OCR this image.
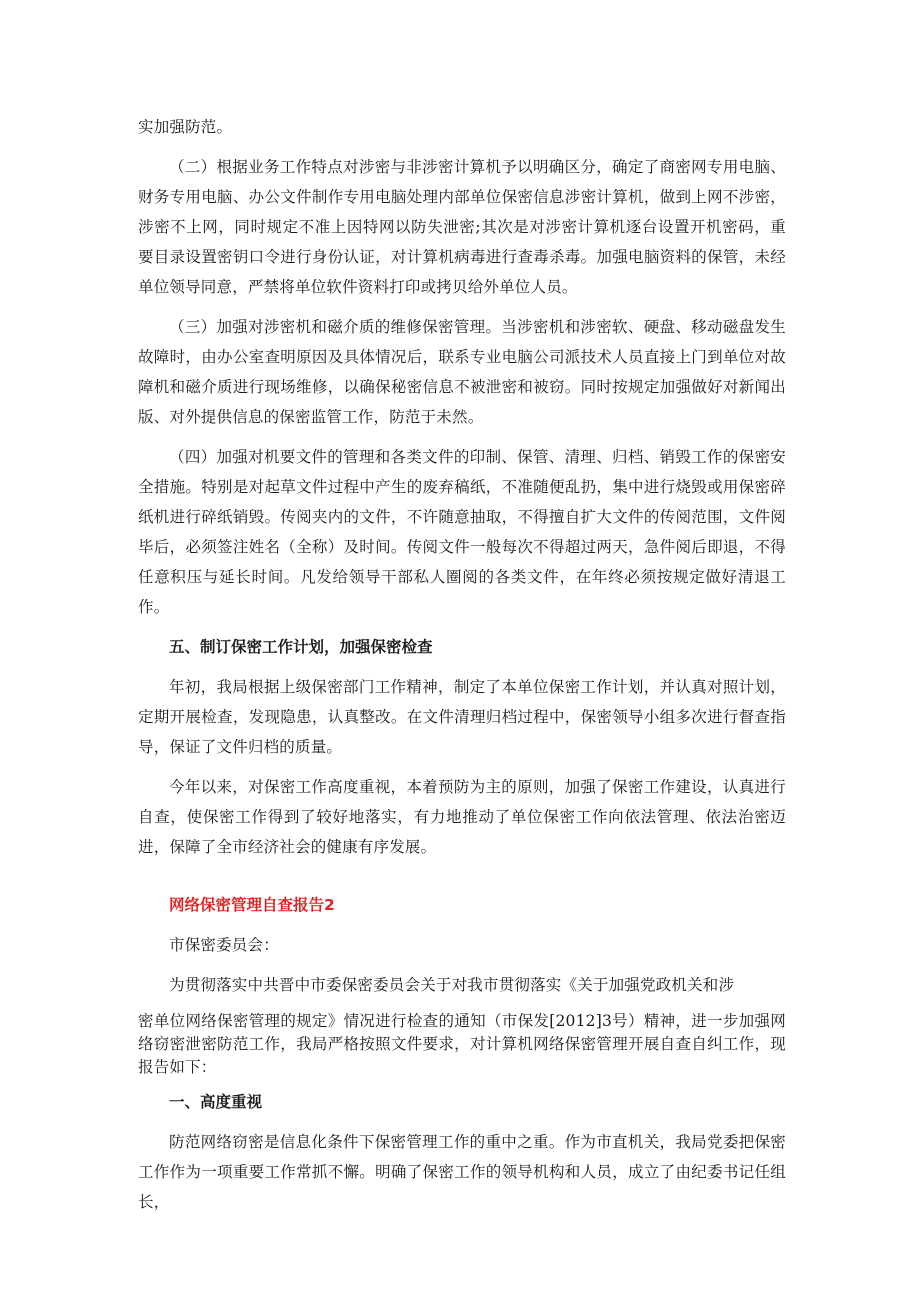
实加强防范。

（二）根据业务工作特点对涉密与非涉密计算机予以明确区分，确定了商密网专用电脑、财务专用电脑、办公文件制作专用电脑处理内部单位保密信息涉密计算机，做到上网不涉密，涉密不上网，同时规定不准上因特网以防失泄密;其次是对涉密计算机逐台设置开机密码，重要目录设置密钥口令进行身份认证，对计算机病毒进行查毒杀毒。加强电脑资料的保管，未经单位领导同意，严禁将单位软件资料打印或拷贝给外单位人员。

（三）加强对涉密机和磁介质的维修保密管理。当涉密机和涉密软、硬盘、移动磁盘发生故障时，由办公室查明原因及具体情况后，联系专业电脑公司派技术人员直接上门到单位对故障机和磁介质进行现场维修，以确保秘密信息不被泄密和被窃。同时按规定加强做好对新闻出版、对外提供信息的保密监管工作，防范于未然。

（四）加强对机要文件的管理和各类文件的印制、保管、清理、归档、销毁工作的保密安全措施。特别是对起草文件过程中产生的废弃稿纸，不准随便乱扔，集中进行烧毁或用保密碎纸机进行碎纸销毁。传阅夹内的文件，不许随意抽取，不得擅自扩大文件的传阅范围，文件阅毕后，必须签注姓名（全称）及时间。传阅文件一般每次不得超过两天，急件阅后即退，不得任意积压与延长时间。凡发给领导干部私人圈阅的各类文件，在年终必须按规定做好清退工作。

五、制订保密工作计划，加强保密检查

年初，我局根据上级保密部门工作精神，制定了本单位保密工作计划，并认真对照计划，定期开展检查，发现隐患，认真整改。在文件清理归档过程中，保密领导小组多次进行督查指导，保证了文件归档的质量。

今年以来，对保密工作高度重视，本着预防为主的原则，加强了保密工作建设，认真进行自查，使保密工作得到了较好地落实，有力地推动了单位保密工作向依法管理、依法治密迈进，保障了全市经济社会的健康有序发展。

网络保密管理自查报告2

市保密委员会：

为贯彻落实中共晋中市委保密委员会关于对我市贯彻落实《关于加强党政机关和涉

密单位网络保密管理的规定》情况进行检查的通知（市保发[2012]3号）精神，进一步加强网络窃密泄密防范工作，我局严格按照文件要求，对计算机网络保密管理开展自查自纠工作，现报告如下：

一、高度重视

防范网络窃密是信息化条件下保密管理工作的重中之重。作为市直机关，我局党委把保密工作作为一项重要工作常抓不懈。明确了保密工作的领导机构和人员，成立了由纪委书记任组长，
